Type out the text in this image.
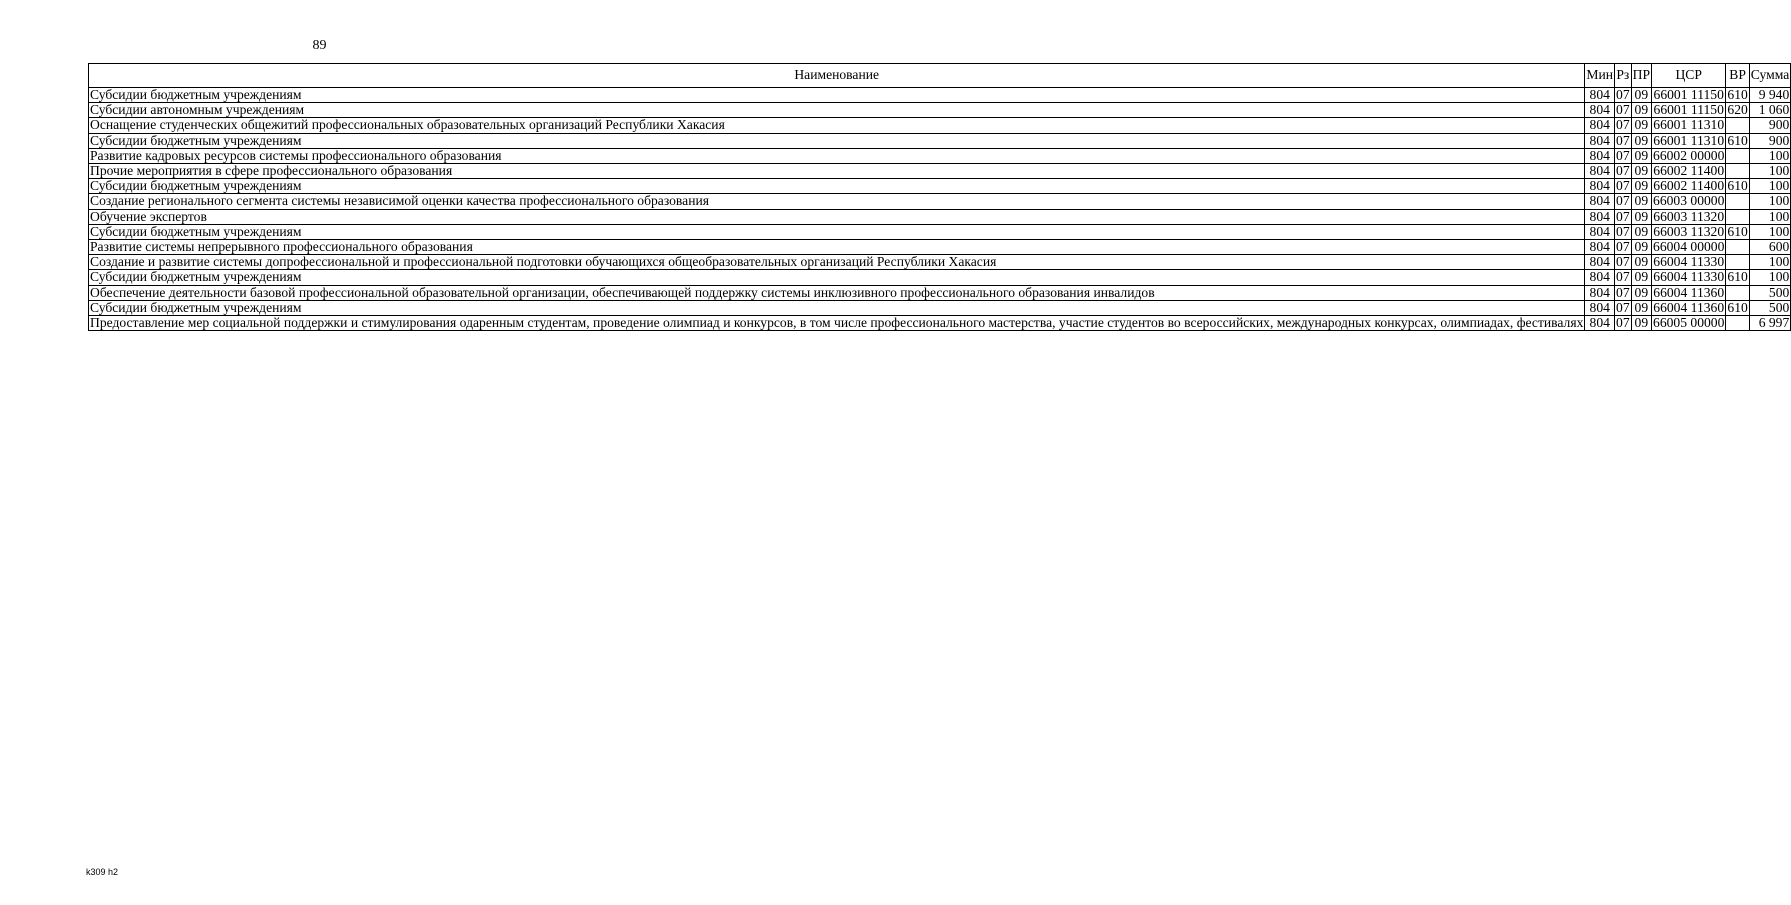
89
Наименование	Мин	Рз	ПР	ЦСР	ВР	Сумма
Субсидии бюджетным учреждениям	804	07	09	66001 11150	610	9 940
Субсидии автономным учреждениям	804	07	09	66001 11150	620	1 060
Оснащение студенческих общежитий профессиональных образовательных организаций Республики Хакасия	804	07	09	66001 11310		900
Субсидии бюджетным учреждениям	804	07	09	66001 11310	610	900
Развитие кадровых ресурсов системы профессионального образования	804	07	09	66002 00000		100
Прочие мероприятия в сфере профессионального образования	804	07	09	66002 11400		100
Субсидии бюджетным учреждениям	804	07	09	66002 11400	610	100
Создание регионального сегмента системы независимой оценки качества профессионального образования	804	07	09	66003 00000		100
Обучение экспертов	804	07	09	66003 11320		100
Субсидии бюджетным учреждениям	804	07	09	66003 11320	610	100
Развитие системы непрерывного профессионального образования	804	07	09	66004 00000		600
Создание и развитие системы допрофессиональной и профессиональной подготовки обучающихся общеобразовательных организаций Республики Хакасия	804	07	09	66004 11330		100
Субсидии бюджетным учреждениям	804	07	09	66004 11330	610	100
Обеспечение деятельности базовой профессиональной образовательной организации, обеспечивающей поддержку системы инклюзивного профессионального образования инвалидов	804	07	09	66004 11360		500
Субсидии бюджетным учреждениям	804	07	09	66004 11360	610	500
Предоставление мер социальной поддержки и стимулирования одаренным студентам, проведение олимпиад и конкурсов, в том числе профессионального мастерства, участие студентов во всероссийских, международных конкурсах, олимпиадах, фестивалях	804	07	09	66005 00000		6 997
k309 h2
